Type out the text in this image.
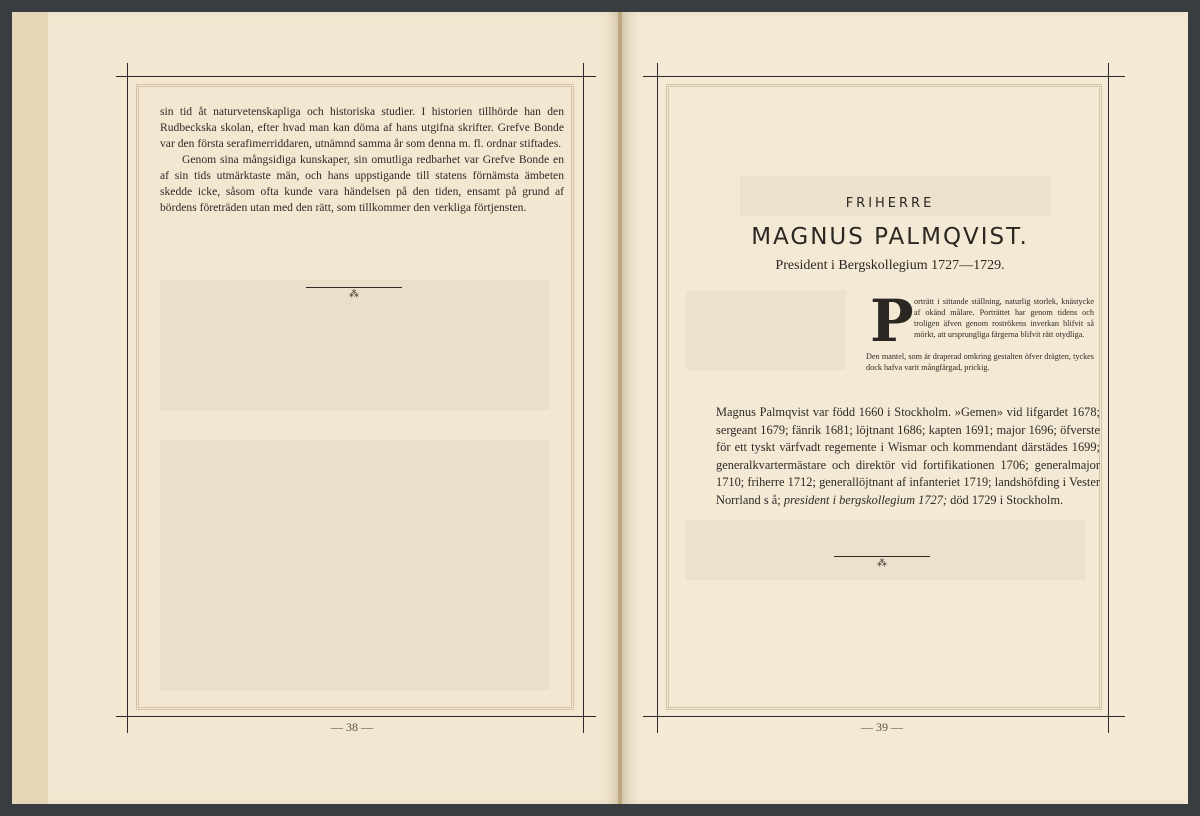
sin tid åt naturvetenskapliga och historiska studier. I historien tillhörde han den Rudbeckska skolan, efter hvad man kan döma af hans utgifna skrifter. Grefve Bonde var den första serafimerriddaren, utnämnd samma år som denna m. fl. ordnar stiftades.

Genom sina mångsidiga kunskaper, sin omutliga redbarhet var Grefve Bonde en af sin tids utmärktaste män, och hans uppstigande till statens förnämsta ämbeten skedde icke, såsom ofta kunde vara händelsen på den tiden, ensamt på grund af bördens företräden utan med den rätt, som tillkommer den verkliga förtjensten.

⁂
— 38 —
FRIHERRE
MAGNUS PALMQVIST.
President i Bergskollegium 1727—1729.
P orträtt i sittande ställning, naturlig storlek, knästycke af okänd målare. Porträttet har genom tidens och troligen äfven genom roströkens inverkan blifvit så mörkt, att ursprungliga färgerna blifvit rätt otydliga.

Den mantel, som är draperad omkring gestalten öfver drägten, tyckes dock hafva varit mångfärgad, prickig.

Magnus Palmqvist var född 1660 i Stockholm. »Gemen» vid lifgardet 1678; sergeant 1679; fänrik 1681; löjtnant 1686; kapten 1691; major 1696; öfverste för ett tyskt värfvadt regemente i Wismar och kommendant därstädes 1699; generalkvartermästare och direktör vid fortifikationen 1706; generalmajor 1710; friherre 1712; generallöjtnant af infanteriet 1719; landshöfding i Vester Norrland s å; president i bergskollegium 1727; död 1729 i Stockholm.

⁂
— 39 —
